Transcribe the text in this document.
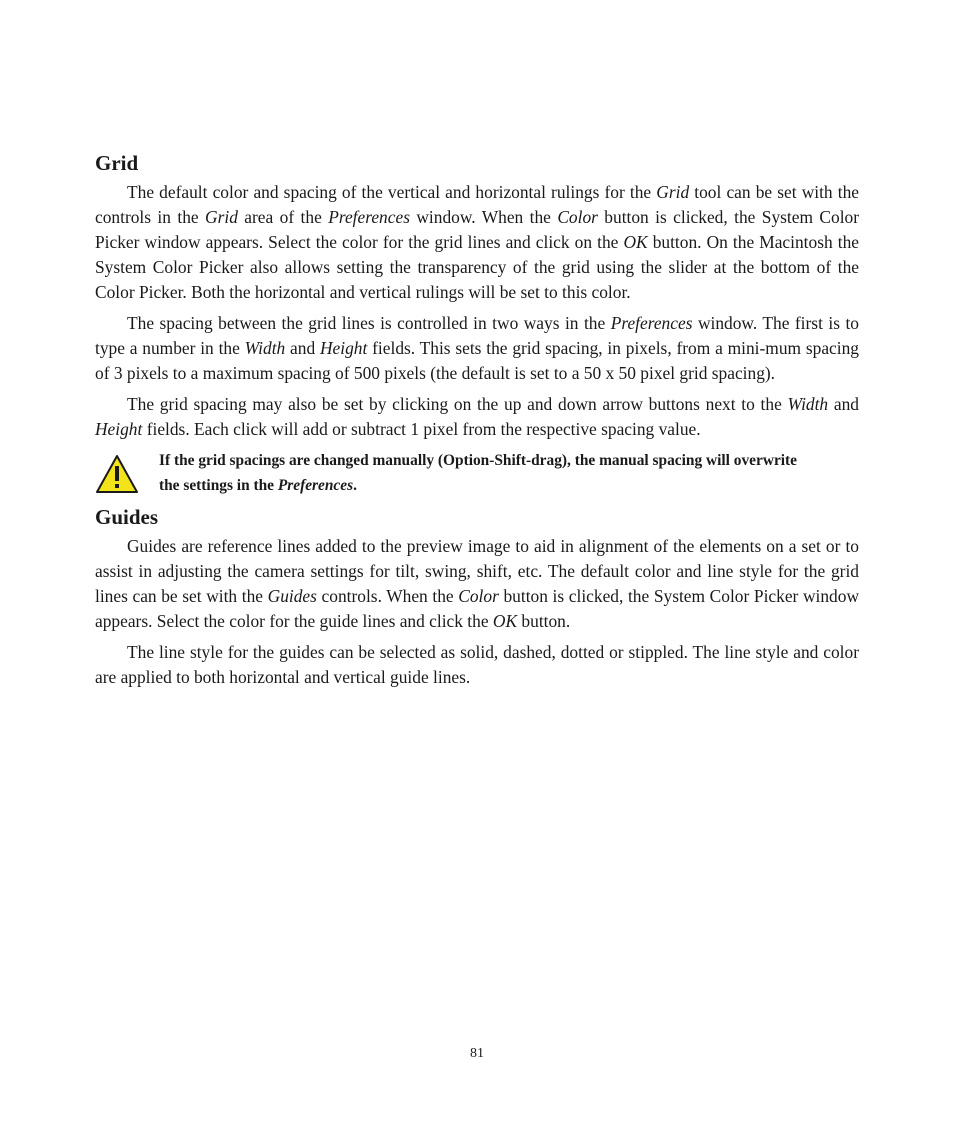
Grid

The default color and spacing of the vertical and horizontal rulings for the Grid tool can be set with the controls in the Grid area of the Preferences window. When the Color button is clicked, the System Color Picker window appears. Select the color for the grid lines and click on the OK button. On the Macintosh the System Color Picker also allows setting the transparency of the grid using the slider at the bottom of the Color Picker. Both the horizontal and vertical rulings will be set to this color.

The spacing between the grid lines is controlled in two ways in the Preferences window. The first is to type a number in the Width and Height fields. This sets the grid spacing, in pixels, from a mini-mum spacing of 3 pixels to a maximum spacing of 500 pixels (the default is set to a 50 x 50 pixel grid spacing).

The grid spacing may also be set by clicking on the up and down arrow buttons next to the Width and Height fields. Each click will add or subtract 1 pixel from the respective spacing value.

If the grid spacings are changed manually (Option-Shift-drag), the manual spacing will overwrite the settings in the Preferences.
Guides

Guides are reference lines added to the preview image to aid in alignment of the elements on a set or to assist in adjusting the camera settings for tilt, swing, shift, etc. The default color and line style for the grid lines can be set with the Guides controls. When the Color button is clicked, the System Color Picker window appears. Select the color for the guide lines and click the OK button.

The line style for the guides can be selected as solid, dashed, dotted or stippled. The line style and color are applied to both horizontal and vertical guide lines.

81
